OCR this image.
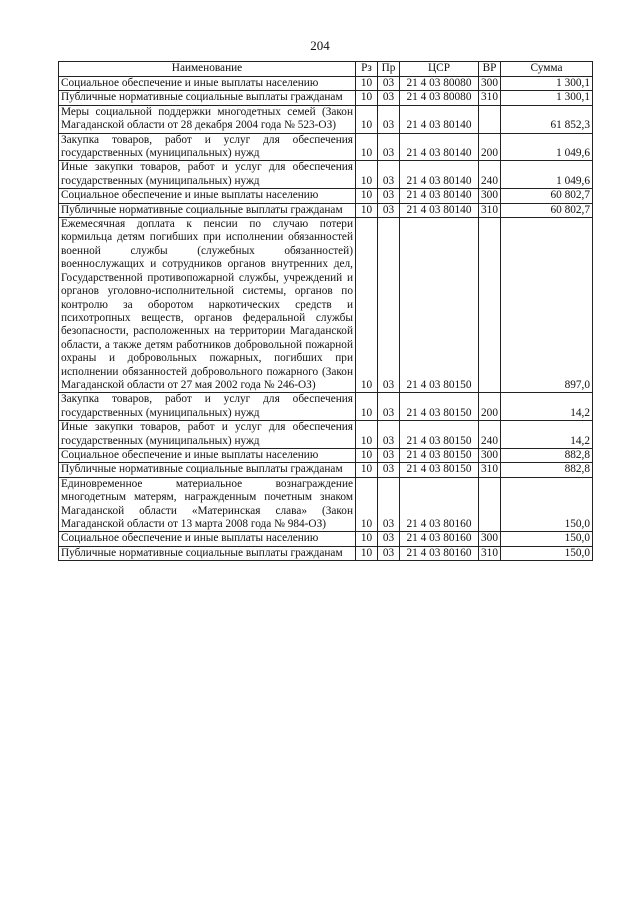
204
Наименование	Рз	Пр	ЦСР	ВР	Сумма
Социальное обеспечение и иные выплаты населению	10	03	21 4 03 80080	300	1 300,1
Публичные нормативные социальные выплаты гражданам	10	03	21 4 03 80080	310	1 300,1
Меры социальной поддержки многодетных семей (Закон Магаданской области от 28 декабря 2004 года № 523-ОЗ)	10	03	21 4 03 80140		61 852,3
Закупка товаров, работ и услуг для обеспечения государственных (муниципальных) нужд	10	03	21 4 03 80140	200	1 049,6
Иные закупки товаров, работ и услуг для обеспечения государственных (муниципальных) нужд	10	03	21 4 03 80140	240	1 049,6
Социальное обеспечение и иные выплаты населению	10	03	21 4 03 80140	300	60 802,7
Публичные нормативные социальные выплаты гражданам	10	03	21 4 03 80140	310	60 802,7
Ежемесячная доплата к пенсии по случаю потери кормильца детям погибших при исполнении обязанностей военной службы (служебных обязанностей) военнослужащих и сотрудников органов внутренних дел, Государственной противопожарной службы, учреждений и органов уголовно-исполнительной системы, органов по контролю за оборотом наркотических средств и психотропных веществ, органов федеральной службы безопасности, расположенных на территории Магаданской области, а также детям работников добровольной пожарной охраны и добровольных пожарных, погибших при исполнении обязанностей добровольного пожарного (Закон Магаданской области от 27 мая 2002 года № 246-ОЗ)	10	03	21 4 03 80150		897,0
Закупка товаров, работ и услуг для обеспечения государственных (муниципальных) нужд	10	03	21 4 03 80150	200	14,2
Иные закупки товаров, работ и услуг для обеспечения государственных (муниципальных) нужд	10	03	21 4 03 80150	240	14,2
Социальное обеспечение и иные выплаты населению	10	03	21 4 03 80150	300	882,8
Публичные нормативные социальные выплаты гражданам	10	03	21 4 03 80150	310	882,8
Единовременное материальное вознаграждение многодетным матерям, награжденным почетным знаком Магаданской области «Материнская слава» (Закон Магаданской области от 13 марта 2008 года № 984-ОЗ)	10	03	21 4 03 80160		150,0
Социальное обеспечение и иные выплаты населению	10	03	21 4 03 80160	300	150,0
Публичные нормативные социальные выплаты гражданам	10	03	21 4 03 80160	310	150,0
